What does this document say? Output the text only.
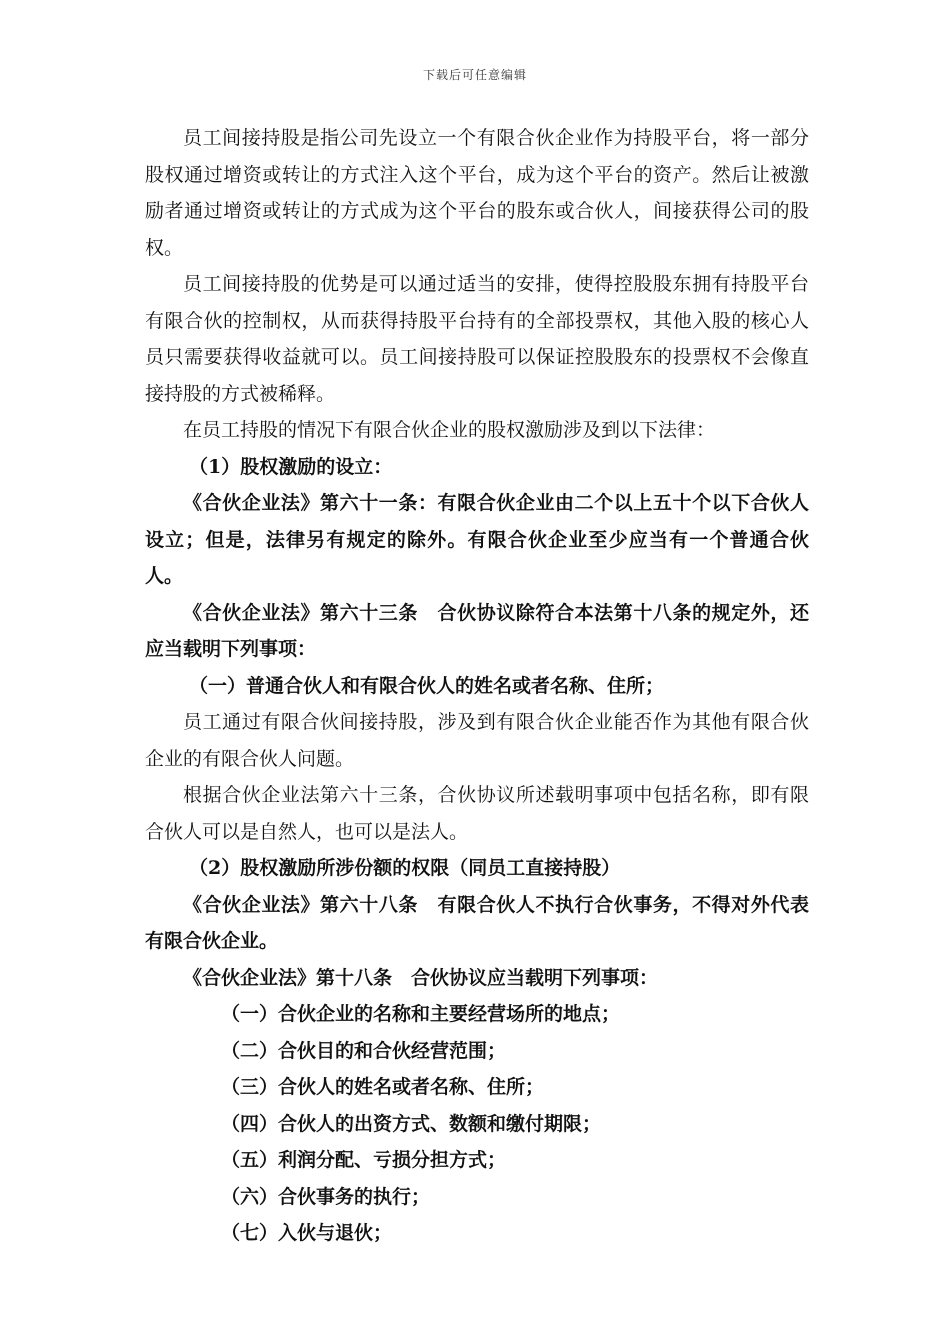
下载后可任意编辑

员工间接持股是指公司先设立一个有限合伙企业作为持股平台，将一部分股权通过增资或转让的方式注入这个平台，成为这个平台的资产。然后让被激励者通过增资或转让的方式成为这个平台的股东或合伙人，间接获得公司的股权。

员工间接持股的优势是可以通过适当的安排，使得控股股东拥有持股平台有限合伙的控制权，从而获得持股平台持有的全部投票权，其他入股的核心人员只需要获得收益就可以。员工间接持股可以保证控股股东的投票权不会像直接持股的方式被稀释。

在员工持股的情况下有限合伙企业的股权激励涉及到以下法律：

（1）股权激励的设立：

《合伙企业法》第六十一条：有限合伙企业由二个以上五十个以下合伙人设立；但是，法律另有规定的除外。有限合伙企业至少应当有一个普通合伙人。

《合伙企业法》第六十三条　合伙协议除符合本法第十八条的规定外，还应当载明下列事项：

（一）普通合伙人和有限合伙人的姓名或者名称、住所；

员工通过有限合伙间接持股，涉及到有限合伙企业能否作为其他有限合伙企业的有限合伙人问题。

根据合伙企业法第六十三条，合伙协议所述载明事项中包括名称，即有限合伙人可以是自然人，也可以是法人。

（2）股权激励所涉份额的权限（同员工直接持股）

《合伙企业法》第六十八条　有限合伙人不执行合伙事务，不得对外代表有限合伙企业。

《合伙企业法》第十八条　合伙协议应当载明下列事项：

（一）合伙企业的名称和主要经营场所的地点；

（二）合伙目的和合伙经营范围；

（三）合伙人的姓名或者名称、住所；

（四）合伙人的出资方式、数额和缴付期限；

（五）利润分配、亏损分担方式；

（六）合伙事务的执行；

（七）入伙与退伙；
